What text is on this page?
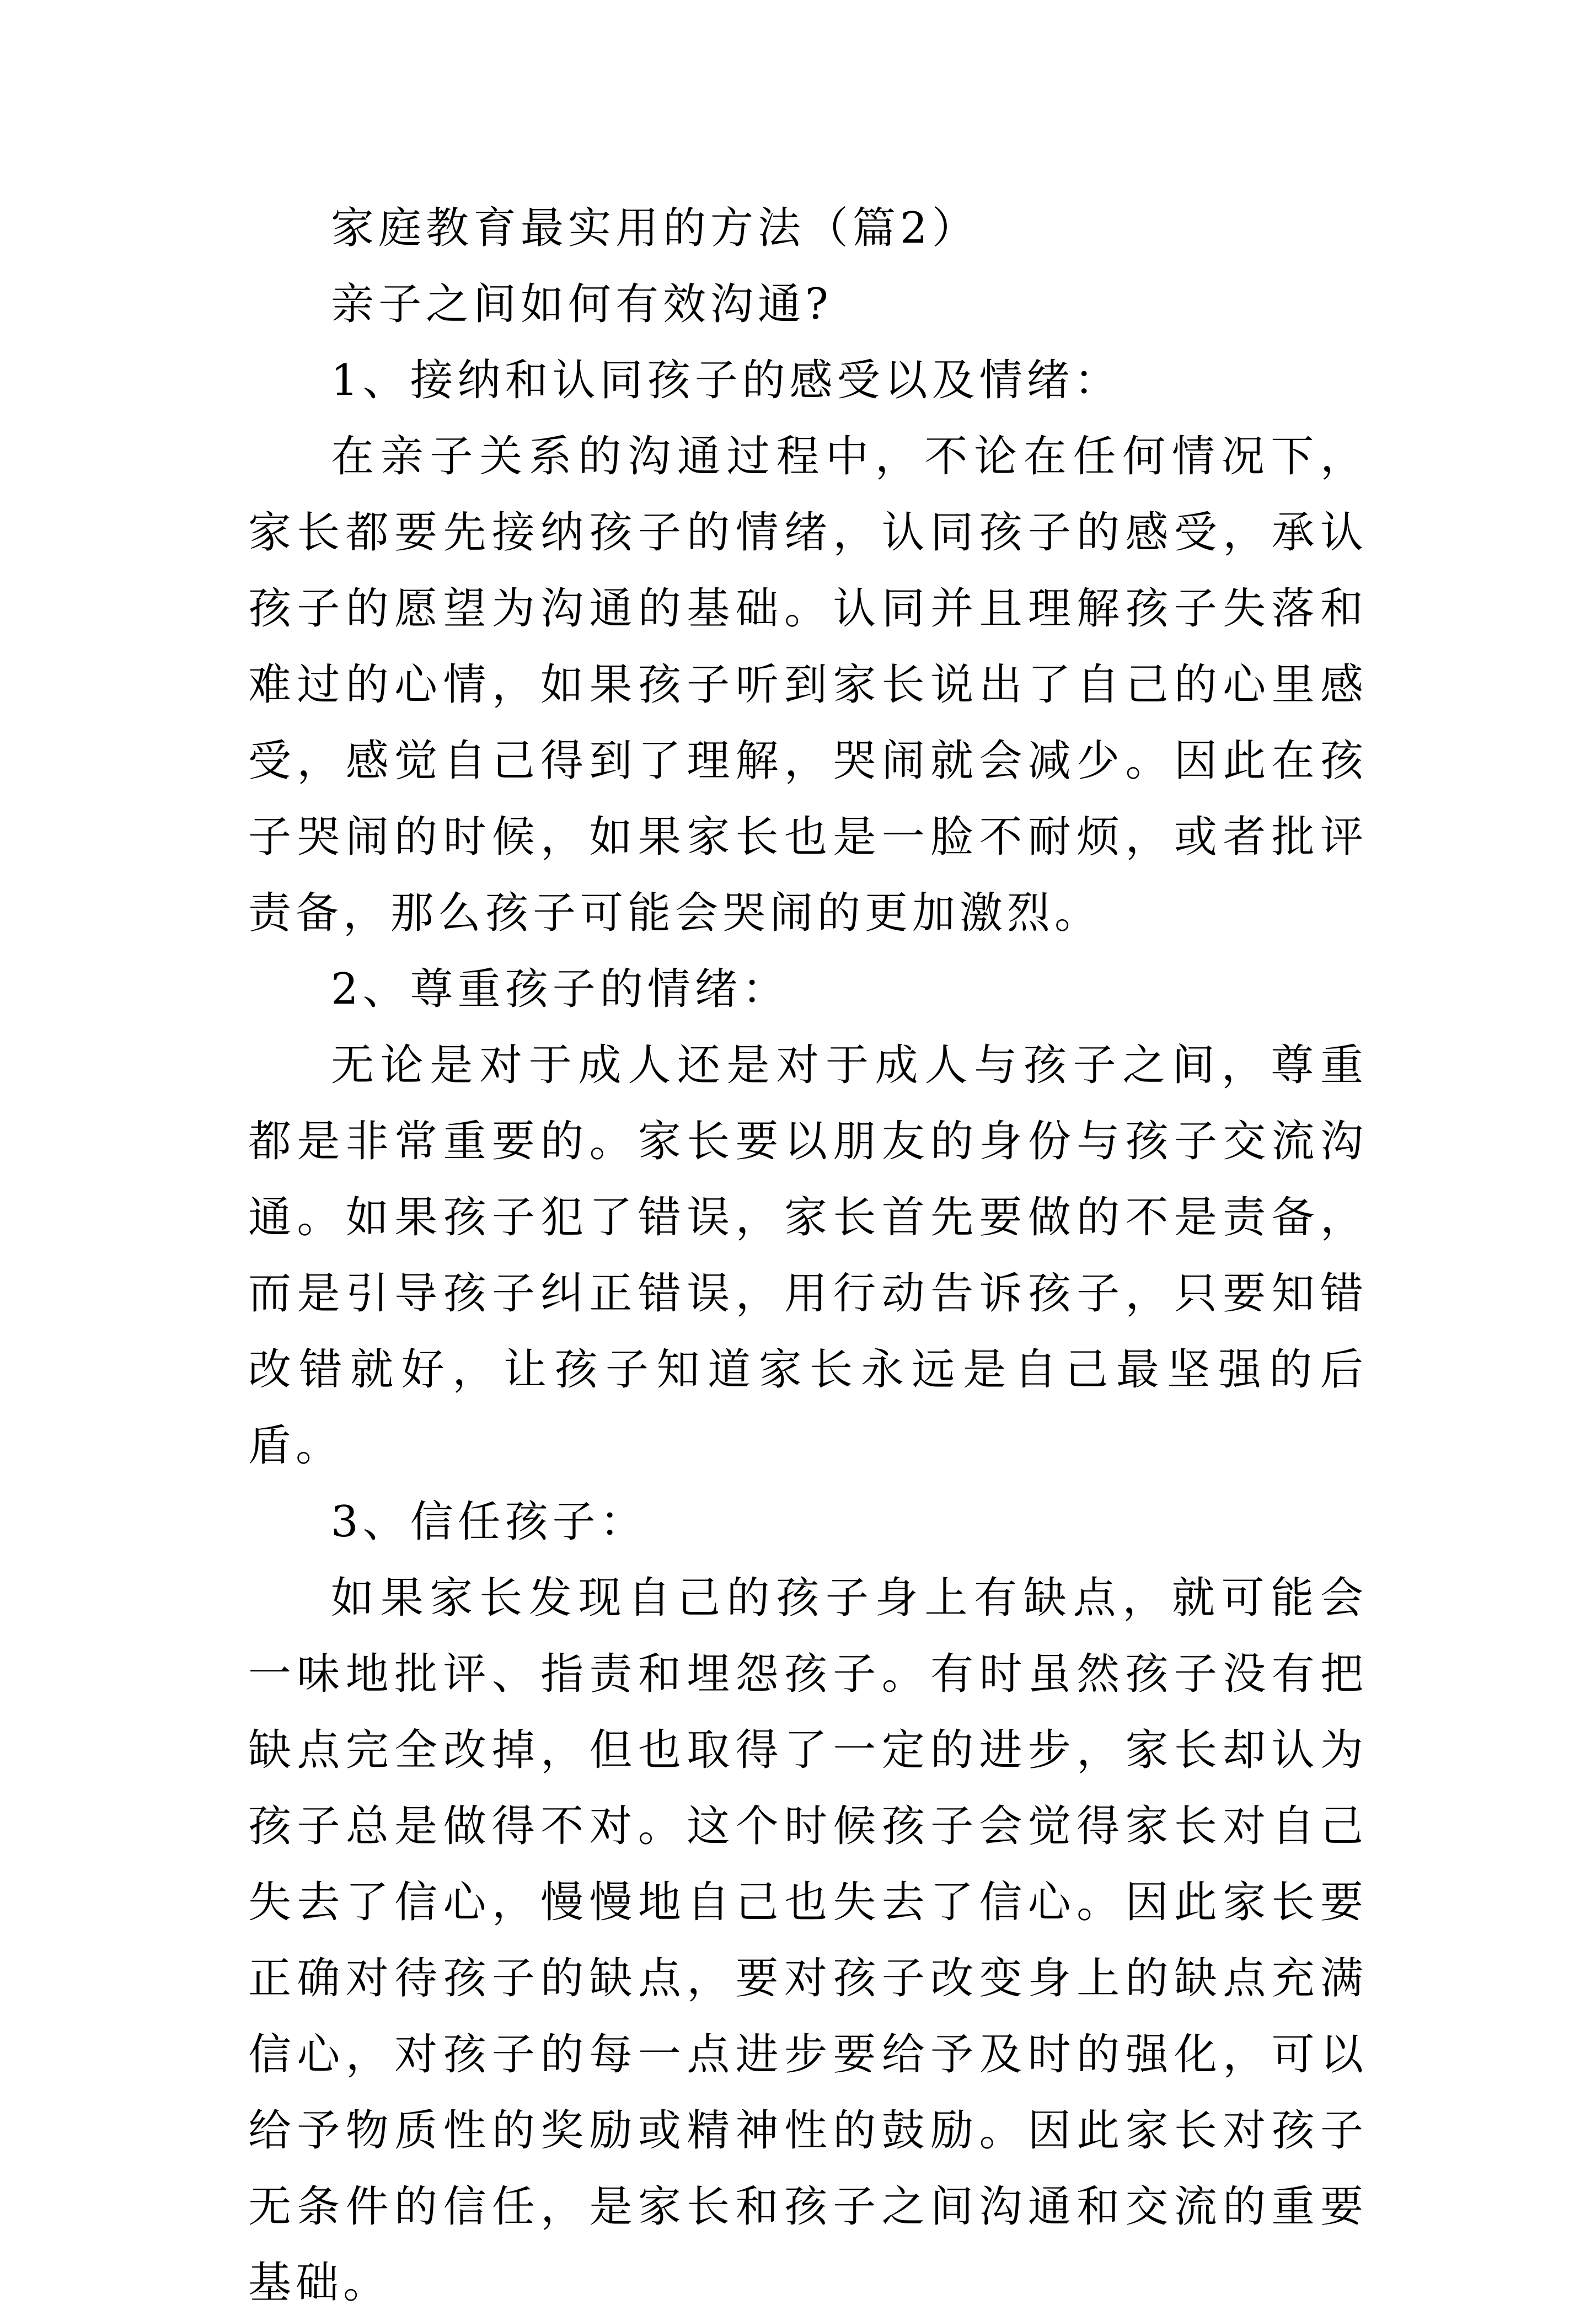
家庭教育最实用的方法（篇2）

亲子之间如何有效沟通?

1、接纳和认同孩子的感受以及情绪：

在亲子关系的沟通过程中，不论在任何情况下，家长都要先接纳孩子的情绪，认同孩子的感受，承认孩子的愿望为沟通的基础。认同并且理解孩子失落和难过的心情，如果孩子听到家长说出了自己的心里感受，感觉自己得到了理解，哭闹就会减少。因此在孩子哭闹的时候，如果家长也是一脸不耐烦，或者批评责备，那么孩子可能会哭闹的更加激烈。

2、尊重孩子的情绪：

无论是对于成人还是对于成人与孩子之间，尊重都是非常重要的。家长要以朋友的身份与孩子交流沟通。如果孩子犯了错误，家长首先要做的不是责备，而是引导孩子纠正错误，用行动告诉孩子，只要知错改错就好，让孩子知道家长永远是自己最坚强的后盾。

3、信任孩子：

如果家长发现自己的孩子身上有缺点，就可能会一味地批评、指责和埋怨孩子。有时虽然孩子没有把缺点完全改掉，但也取得了一定的进步，家长却认为孩子总是做得不对。这个时候孩子会觉得家长对自己失去了信心，慢慢地自己也失去了信心。因此家长要正确对待孩子的缺点，要对孩子改变身上的缺点充满信心，对孩子的每一点进步要给予及时的强化，可以给予物质性的奖励或精神性的鼓励。因此家长对孩子无条件的信任，是家长和孩子之间沟通和交流的重要基础。
